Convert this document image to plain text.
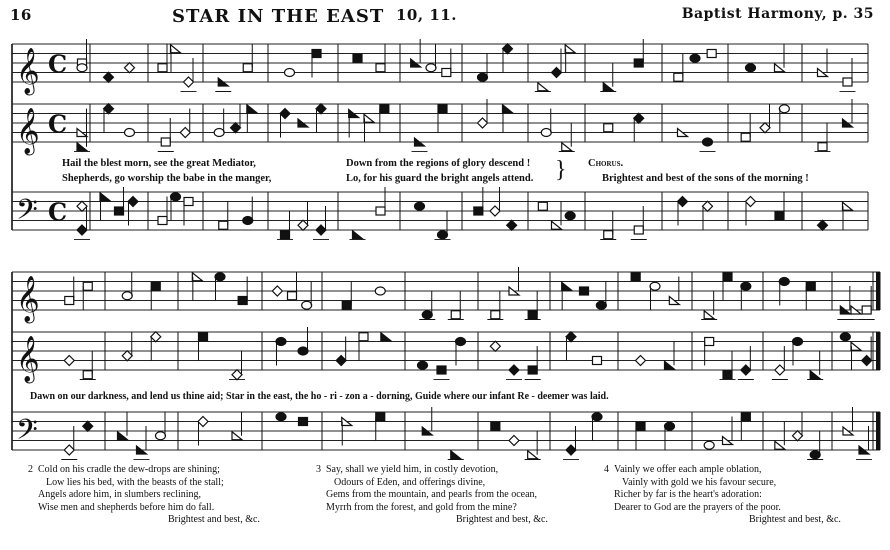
16	STAR IN THE EAST 10, 11.	Baptist Harmony, p. 35
𝄞 C
𝄞 C
𝄢 C
𝄞
𝄞
𝄢
Hail the blest morn, see the great Mediator,
Shepherds, go worship the babe in the manger,
Down from the regions of glory descend !
Lo, for his guard the bright angels attend. } Chorus.
Brightest and best of the sons of the morning !
Dawn on our darkness, and lend us thine aid; Star in the east, the ho - ri - zon a - dorning, Guide where our infant Re - deemer was laid.
2 Cold on his cradle the dew-drops are shining;
Low lies his bed, with the beasts of the stall;
Angels adore him, in slumbers reclining,
Wise men and shepherds before him do fall.
Brightest and best, &c.
3 Say, shall we yield him, in costly devotion,
Odours of Eden, and offerings divine,
Gems from the mountain, and pearls from the ocean,
Myrrh from the forest, and gold from the mine?
Brightest and best, &c.
4 Vainly we offer each ample oblation,
Vainly with gold we his favour secure,
Richer by far is the heart's adoration:
Dearer to God are the prayers of the poor.
Brightest and best, &c.
